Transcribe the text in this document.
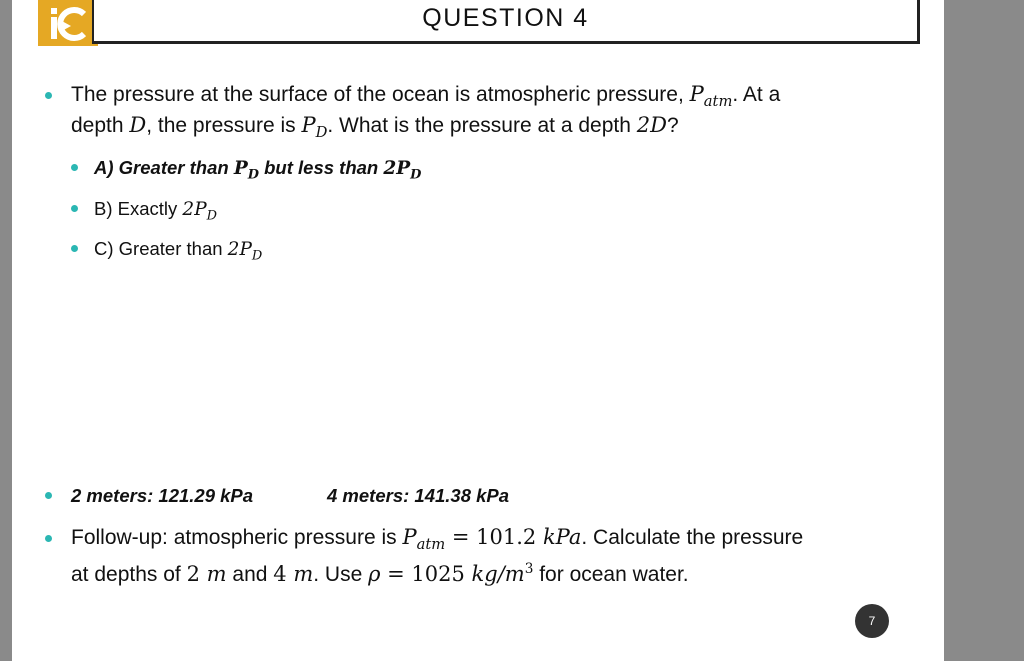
QUESTION 4
The pressure at the surface of the ocean is atmospheric pressure, $P_{atm}$. At a
depth D, the pressure is $P_D$. What is the pressure at a depth 2D?
A) Greater than $P_D$ but less than $2P_D$
B) Exactly $2P_D$
C) Greater than $2P_D$
2 meters: 121.29 kPa	4 meters: 141.38 kPa
Follow-up: atmospheric pressure is $P_{atm} = 101.2$ kPa. Calculate the pressure
at depths of 2 m and 4 m. Use ρ = 1025 $kg/m^3$ for ocean water.
7
